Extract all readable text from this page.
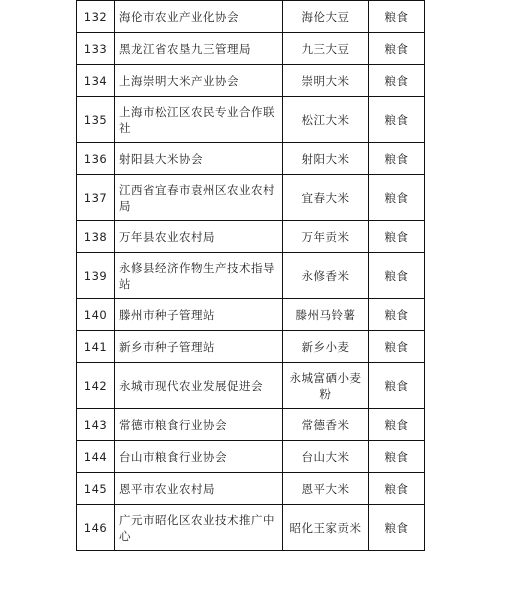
132	海伦市农业产业化协会	海伦大豆	粮食
133	黑龙江省农垦九三管理局	九三大豆	粮食
134	上海崇明大米产业协会	崇明大米	粮食
135	上海市松江区农民专业合作联社	松江大米	粮食
136	射阳县大米协会	射阳大米	粮食
137	江西省宜春市袁州区农业农村局	宜春大米	粮食
138	万年县农业农村局	万年贡米	粮食
139	永修县经济作物生产技术指导站	永修香米	粮食
140	滕州市种子管理站	滕州马铃薯	粮食
141	新乡市种子管理站	新乡小麦	粮食
142	永城市现代农业发展促进会	永城富硒小麦粉	粮食
143	常德市粮食行业协会	常德香米	粮食
144	台山市粮食行业协会	台山大米	粮食
145	恩平市农业农村局	恩平大米	粮食
146	广元市昭化区农业技术推广中心	昭化王家贡米	粮食
